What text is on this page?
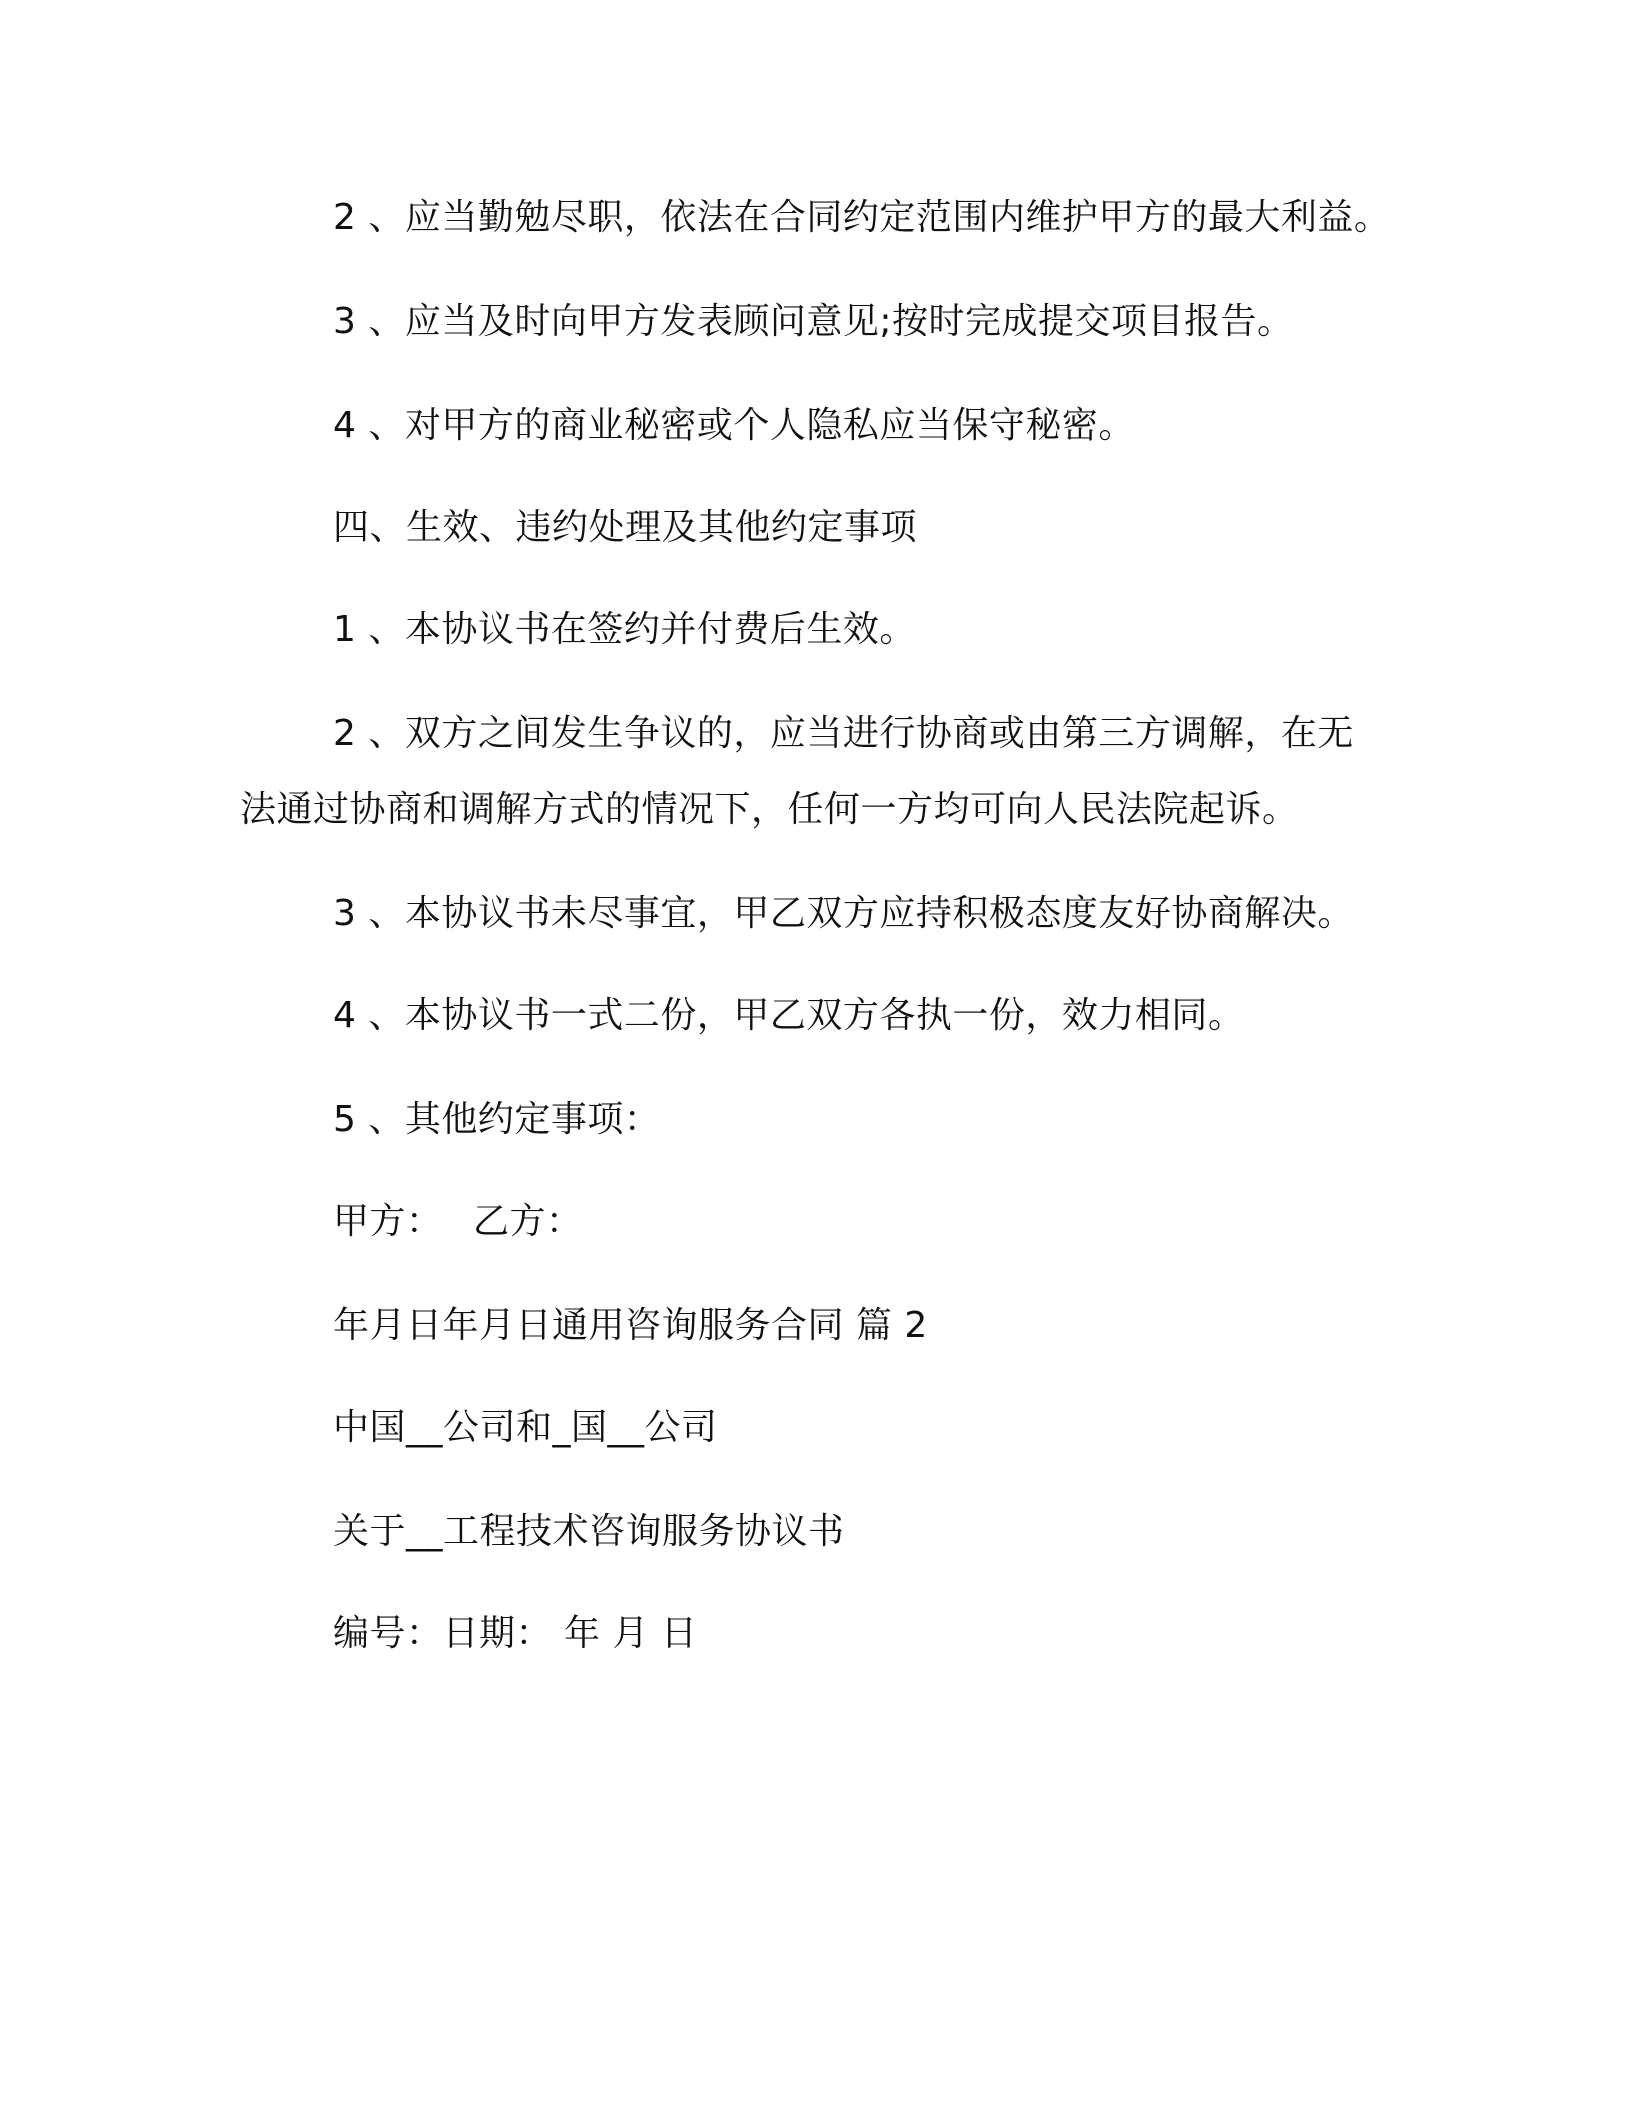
2 、应当勤勉尽职，依法在合同约定范围内维护甲方的最大利益。
3 、应当及时向甲方发表顾问意见;按时完成提交项目报告。
4 、对甲方的商业秘密或个人隐私应当保守秘密。
四、生效、违约处理及其他约定事项
1 、本协议书在签约并付费后生效。
2 、双方之间发生争议的，应当进行协商或由第三方调解，在无
法通过协商和调解方式的情况下，任何一方均可向人民法院起诉。
3 、本协议书未尽事宜，甲乙双方应持积极态度友好协商解决。
4 、本协议书一式二份，甲乙双方各执一份，效力相同。
5 、其他约定事项：
甲方：　 乙方：
年月日年月日通用咨询服务合同 篇 2
中国__公司和_国__公司
关于__工程技术咨询服务协议书
编号：日期： 年 月 日
